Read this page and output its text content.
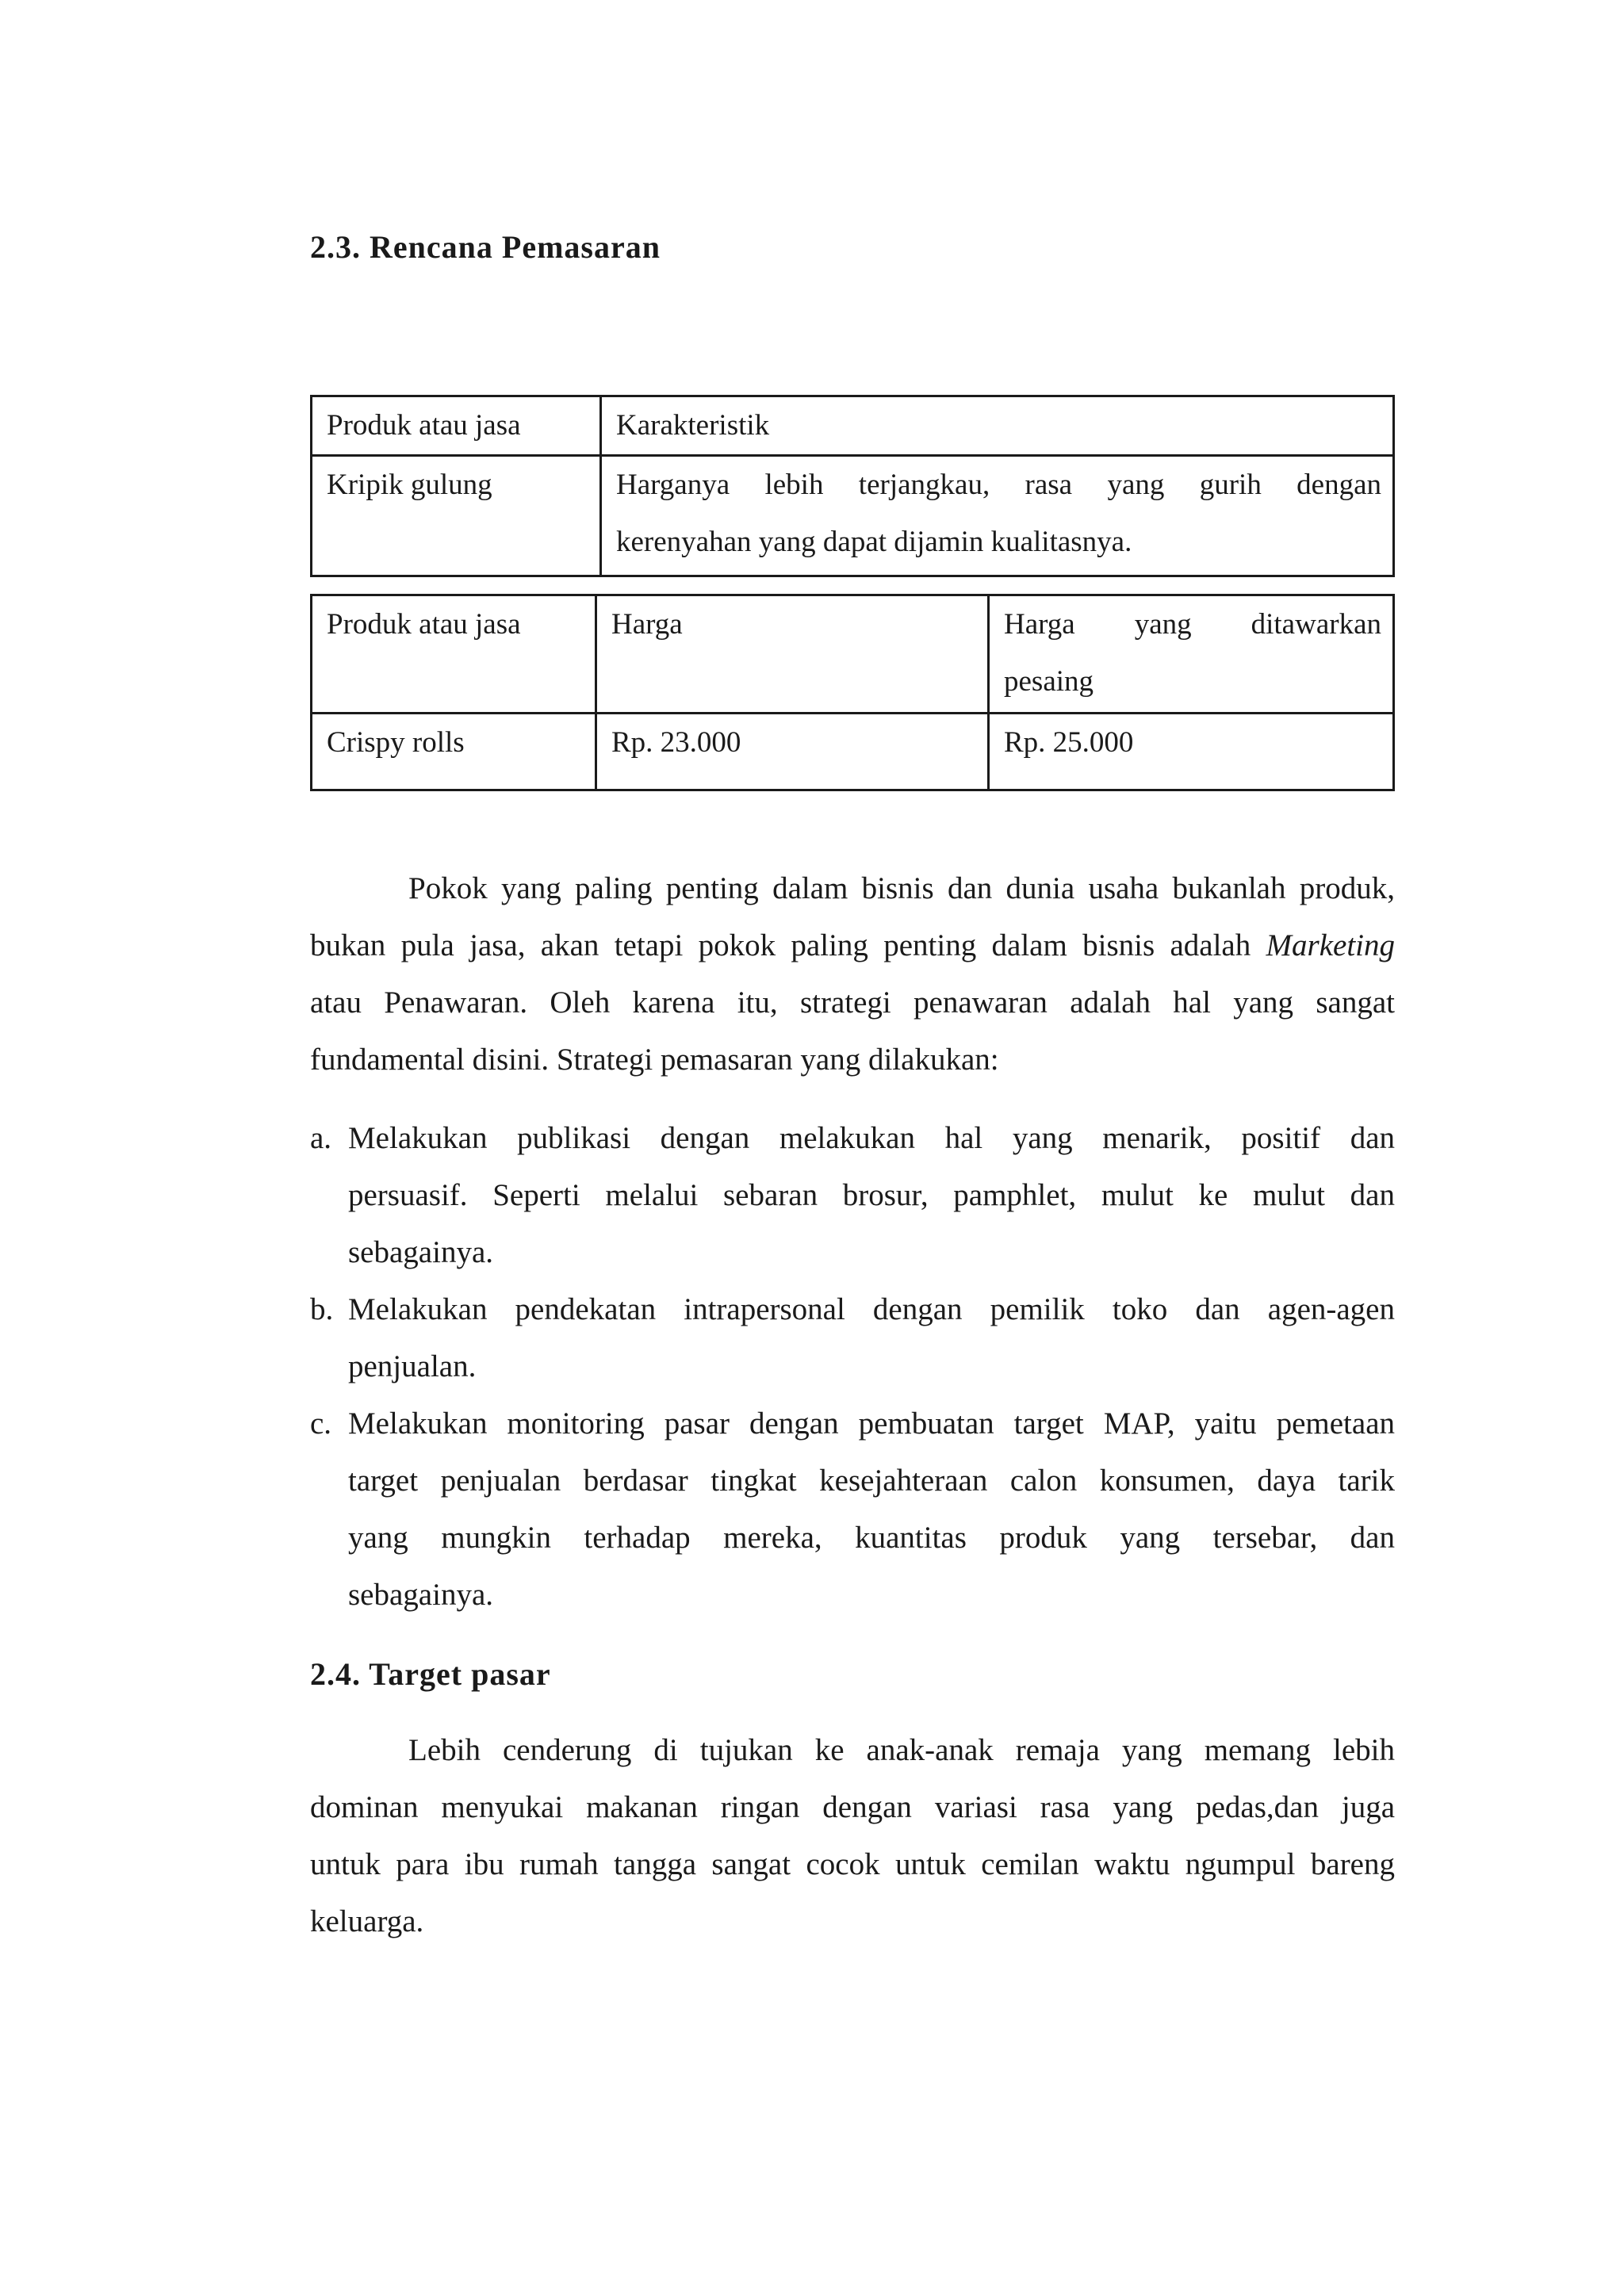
2.3. Rencana Pemasaran
Produk atau jasa	Karakteristik
Kripik gulung	Harganya lebih terjangkau, rasa yang gurih dengan
kerenyahan yang dapat dijamin kualitasnya.
Produk atau jasa	Harga	Harga yang ditawarkan
pesaing

Crispy rolls	Rp. 23.000	Rp. 25.000
Pokok yang paling penting dalam bisnis dan dunia usaha bukanlah produk,
bukan pula jasa, akan tetapi pokok paling penting dalam bisnis adalah Marketing
atau Penawaran. Oleh karena itu, strategi penawaran adalah hal yang sangat
fundamental disini. Strategi pemasaran yang dilakukan:
a. Melakukan publikasi dengan melakukan hal yang menarik, positif dan
persuasif. Seperti melalui sebaran brosur, pamphlet, mulut ke mulut dan
sebagainya.
b. Melakukan pendekatan intrapersonal dengan pemilik toko dan agen-agen
penjualan.
c. Melakukan monitoring pasar dengan pembuatan target MAP, yaitu pemetaan
target penjualan berdasar tingkat kesejahteraan calon konsumen, daya tarik
yang mungkin terhadap mereka, kuantitas produk yang tersebar, dan
sebagainya.
2.4. Target pasar
Lebih cenderung di tujukan ke anak-anak remaja yang memang lebih
dominan menyukai makanan ringan dengan variasi rasa yang pedas,dan juga
untuk para ibu rumah tangga sangat cocok untuk cemilan waktu ngumpul bareng
keluarga.
